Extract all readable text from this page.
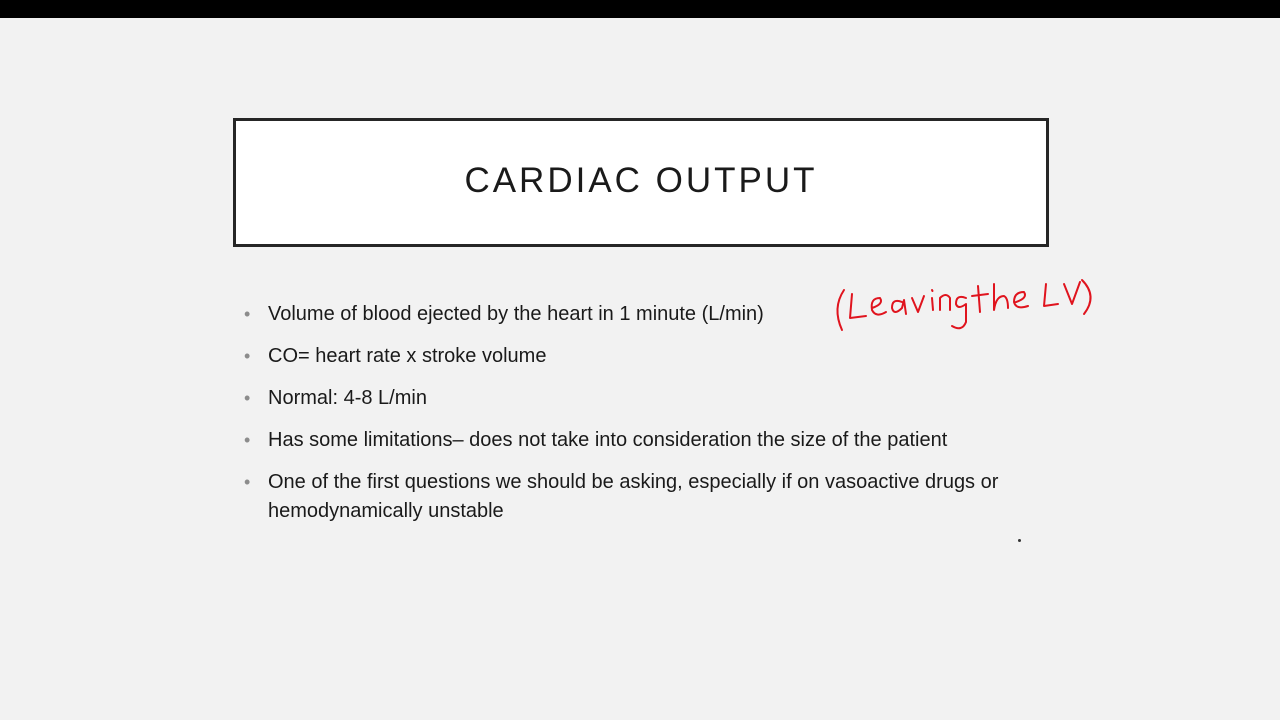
CARDIAC OUTPUT
• Volume of blood ejected by the heart in 1 minute (L/min)
• CO= heart rate x stroke volume
• Normal: 4-8 L/min
• Has some limitations– does not take into consideration the size of the patient
• One of the first questions we should be asking, especially if on vasoactive drugs or hemodynamically unstable
